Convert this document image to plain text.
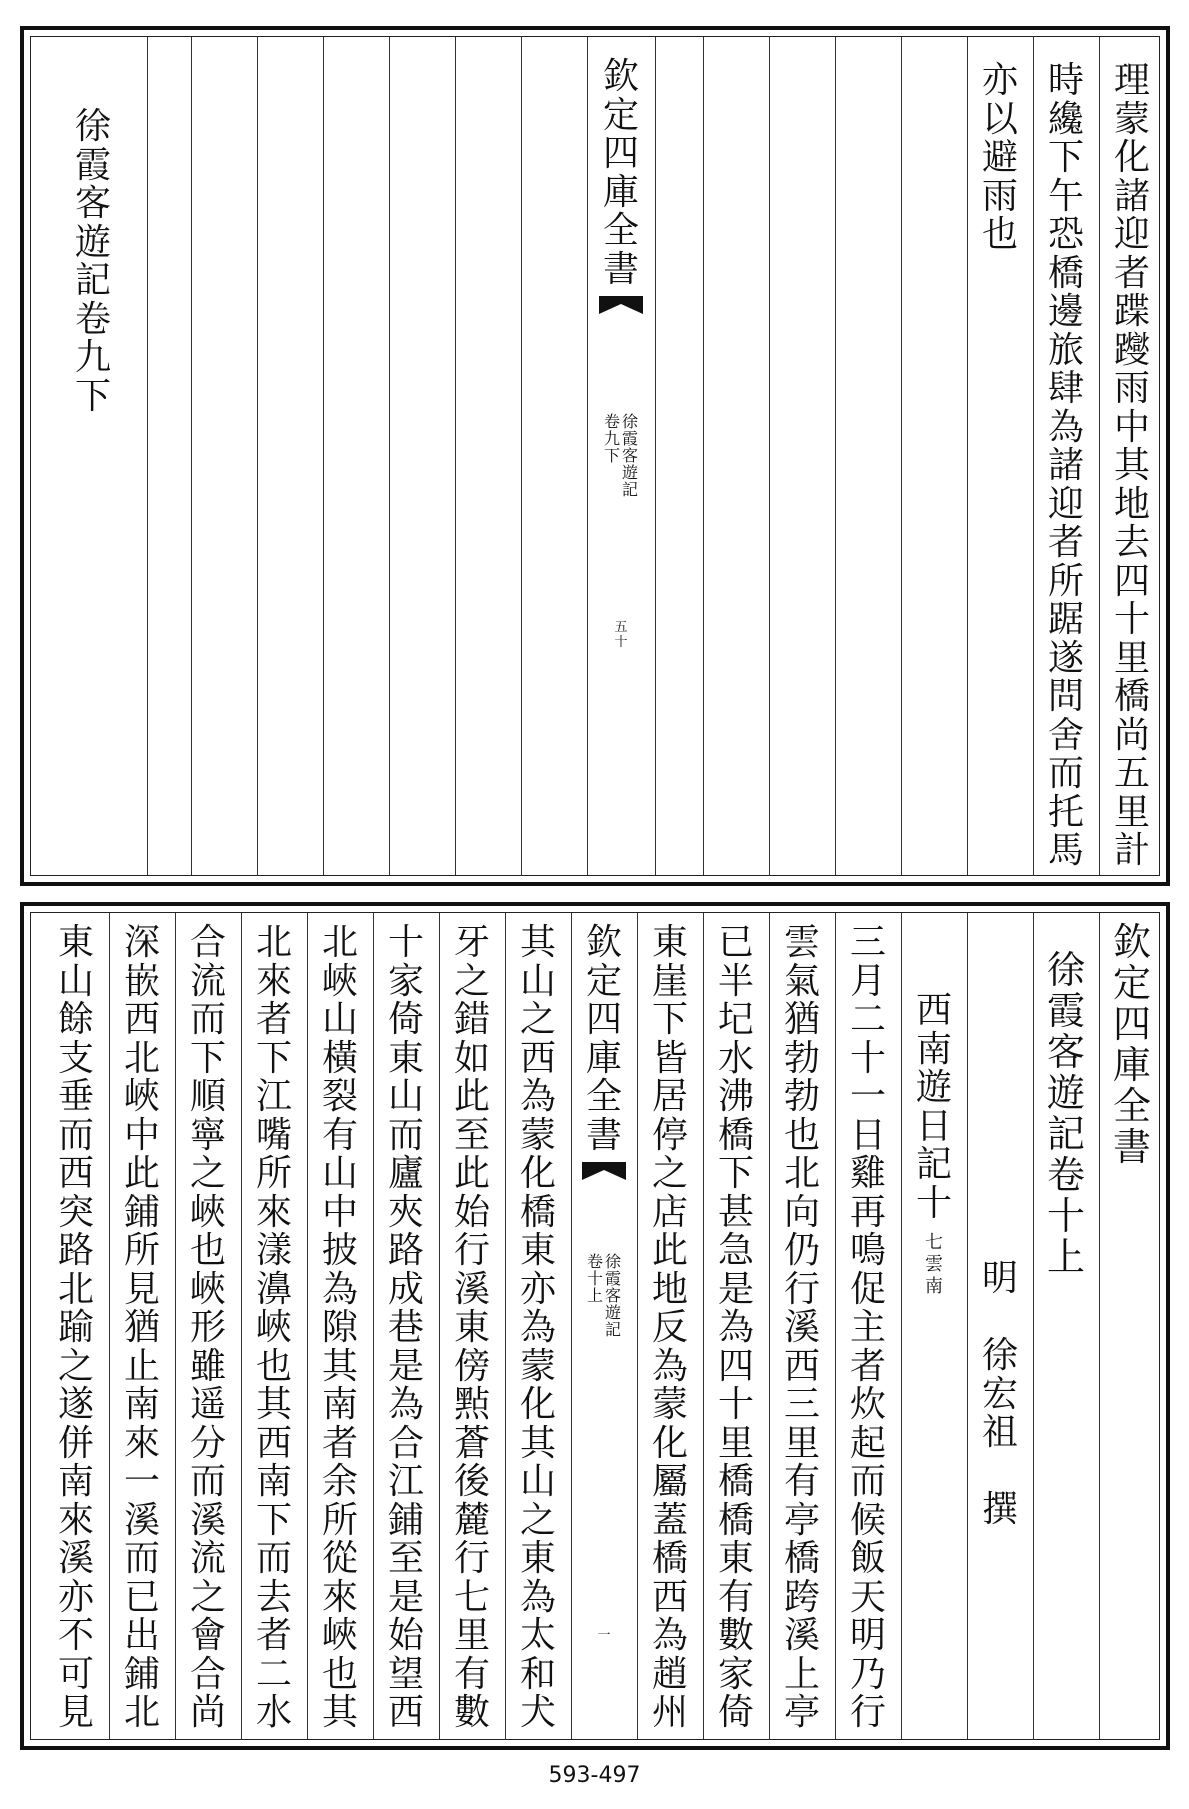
理
蒙
化
諸
迎
者
蹀
躞
雨
中
其
地
去
四
十
里
橋
尚
五
里
計
時
纔
下
午
恐
橋
邊
旅
肆
為
諸
迎
者
所
踞
遂
問
舍
而
托
馬
亦
以
避
雨
也
欽
定
四
庫
全
書
徐
霞
客
遊
記
卷
九
下
五
十
徐
霞
客
遊
記
卷
九
下
欽
定
四
庫
全
書
徐
霞
客
遊
記
卷
十
上
明

徐
宏
祖

撰
西
南
遊
日
記
十
七
雲
南
三
月
二
十
一
日
雞
再
鳴
促
主
者
炊
起
而
候
飯
天
明
乃
行
雲
氣
猶
勃
勃
也
北
向
仍
行
溪
西
三
里
有
亭
橋
跨
溪
上
亭
已
半
圮
水
沸
橋
下
甚
急
是
為
四
十
里
橋
橋
東
有
數
家
倚
東
崖
下
皆
居
停
之
店
此
地
反
為
蒙
化
屬
蓋
橋
西
為
趙
州
欽
定
四
庫
全
書
徐
霞
客
遊
記
卷
十
上
一
其
山
之
西
為
蒙
化
橋
東
亦
為
蒙
化
其
山
之
東
為
太
和
犬
牙
之
錯
如
此
至
此
始
行
溪
東
傍
㸃
蒼
後
麓
行
七
里
有
數
十
家
倚
東
山
而
廬
夾
路
成
巷
是
為
合
江
鋪
至
是
始
望
西
北
峽
山
橫
裂
有
山
中
披
為
隙
其
南
者
余
所
從
來
峽
也
其
北
來
者
下
江
嘴
所
來
漾
濞
峽
也
其
西
南
下
而
去
者
二
水
合
流
而
下
順
寧
之
峽
也
峽
形
雖
遥
分
而
溪
流
之
會
合
尚
深
嵌
西
北
峽
中
此
鋪
所
見
猶
止
南
來
一
溪
而
已
出
鋪
北
東
山
餘
支
垂
而
西
突
路
北
踰
之
遂
併
南
來
溪
亦
不
可
見
593-497
